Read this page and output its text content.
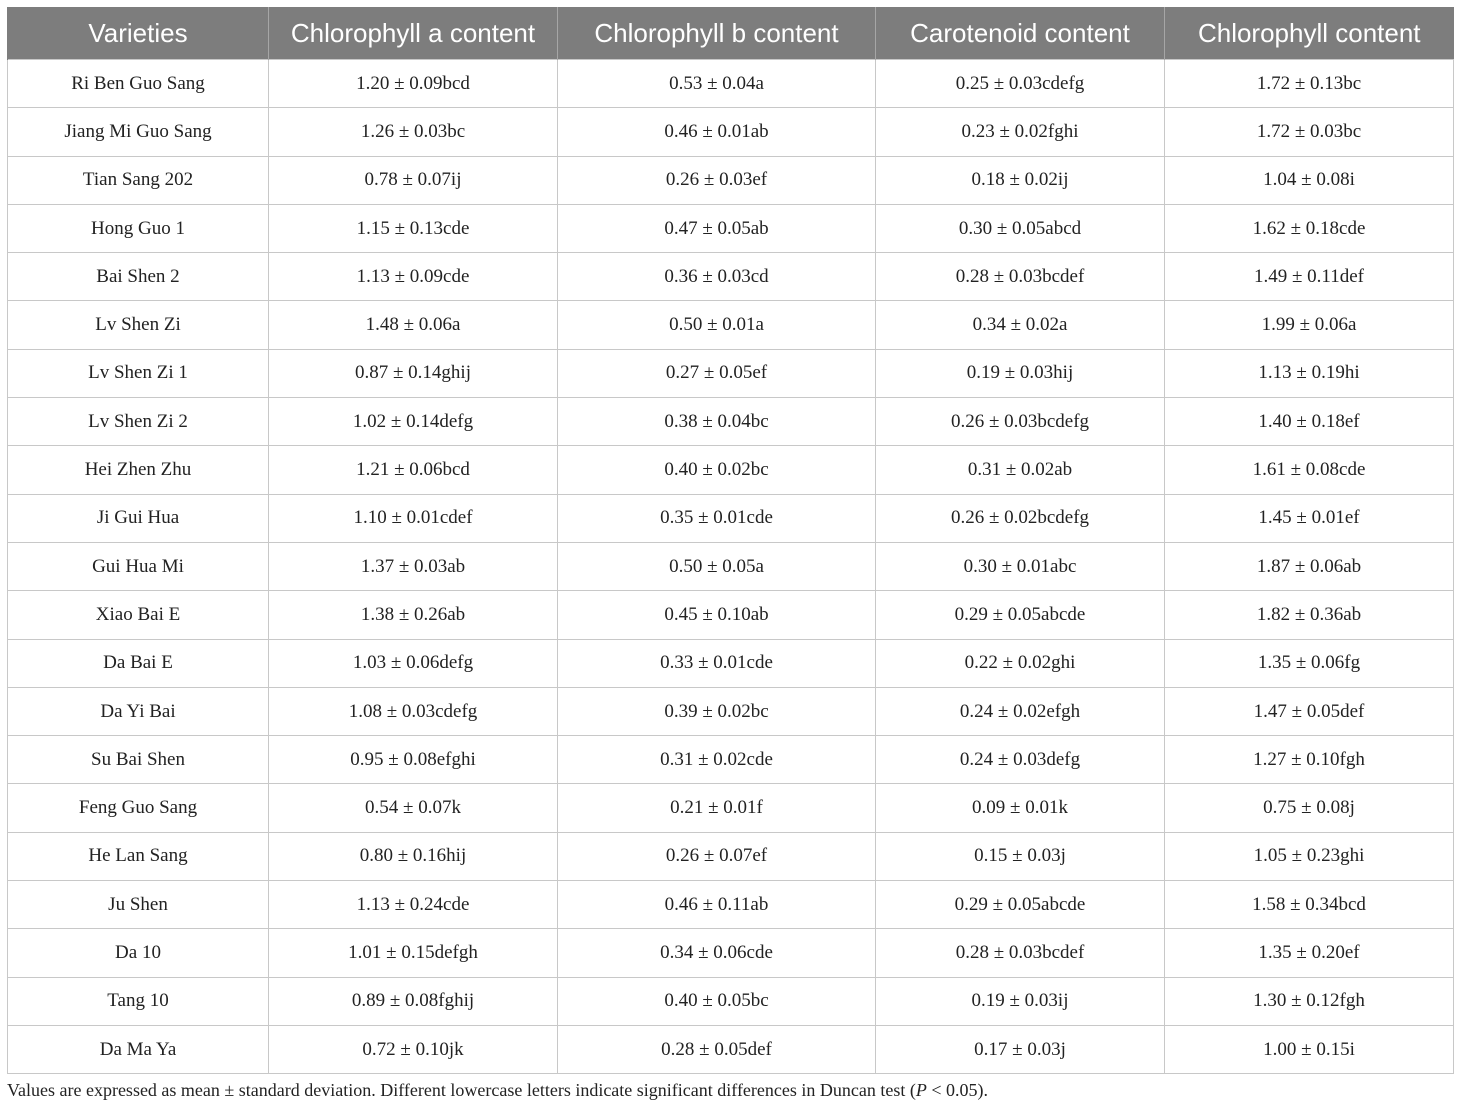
Varieties	Chlorophyll a content	Chlorophyll b content	Carotenoid content	Chlorophyll content
Ri Ben Guo Sang	1.20 ± 0.09bcd	0.53 ± 0.04a	0.25 ± 0.03cdefg	1.72 ± 0.13bc
Jiang Mi Guo Sang	1.26 ± 0.03bc	0.46 ± 0.01ab	0.23 ± 0.02fghi	1.72 ± 0.03bc
Tian Sang 202	0.78 ± 0.07ij	0.26 ± 0.03ef	0.18 ± 0.02ij	1.04 ± 0.08i
Hong Guo 1	1.15 ± 0.13cde	0.47 ± 0.05ab	0.30 ± 0.05abcd	1.62 ± 0.18cde
Bai Shen 2	1.13 ± 0.09cde	0.36 ± 0.03cd	0.28 ± 0.03bcdef	1.49 ± 0.11def
Lv Shen Zi	1.48 ± 0.06a	0.50 ± 0.01a	0.34 ± 0.02a	1.99 ± 0.06a
Lv Shen Zi 1	0.87 ± 0.14ghij	0.27 ± 0.05ef	0.19 ± 0.03hij	1.13 ± 0.19hi
Lv Shen Zi 2	1.02 ± 0.14defg	0.38 ± 0.04bc	0.26 ± 0.03bcdefg	1.40 ± 0.18ef
Hei Zhen Zhu	1.21 ± 0.06bcd	0.40 ± 0.02bc	0.31 ± 0.02ab	1.61 ± 0.08cde
Ji Gui Hua	1.10 ± 0.01cdef	0.35 ± 0.01cde	0.26 ± 0.02bcdefg	1.45 ± 0.01ef
Gui Hua Mi	1.37 ± 0.03ab	0.50 ± 0.05a	0.30 ± 0.01abc	1.87 ± 0.06ab
Xiao Bai E	1.38 ± 0.26ab	0.45 ± 0.10ab	0.29 ± 0.05abcde	1.82 ± 0.36ab
Da Bai E	1.03 ± 0.06defg	0.33 ± 0.01cde	0.22 ± 0.02ghi	1.35 ± 0.06fg
Da Yi Bai	1.08 ± 0.03cdefg	0.39 ± 0.02bc	0.24 ± 0.02efgh	1.47 ± 0.05def
Su Bai Shen	0.95 ± 0.08efghi	0.31 ± 0.02cde	0.24 ± 0.03defg	1.27 ± 0.10fgh
Feng Guo Sang	0.54 ± 0.07k	0.21 ± 0.01f	0.09 ± 0.01k	0.75 ± 0.08j
He Lan Sang	0.80 ± 0.16hij	0.26 ± 0.07ef	0.15 ± 0.03j	1.05 ± 0.23ghi
Ju Shen	1.13 ± 0.24cde	0.46 ± 0.11ab	0.29 ± 0.05abcde	1.58 ± 0.34bcd
Da 10	1.01 ± 0.15defgh	0.34 ± 0.06cde	0.28 ± 0.03bcdef	1.35 ± 0.20ef
Tang 10	0.89 ± 0.08fghij	0.40 ± 0.05bc	0.19 ± 0.03ij	1.30 ± 0.12fgh
Da Ma Ya	0.72 ± 0.10jk	0.28 ± 0.05def	0.17 ± 0.03j	1.00 ± 0.15i
Values are expressed as mean ± standard deviation. Different lowercase letters indicate significant differences in Duncan test (P < 0.05).
